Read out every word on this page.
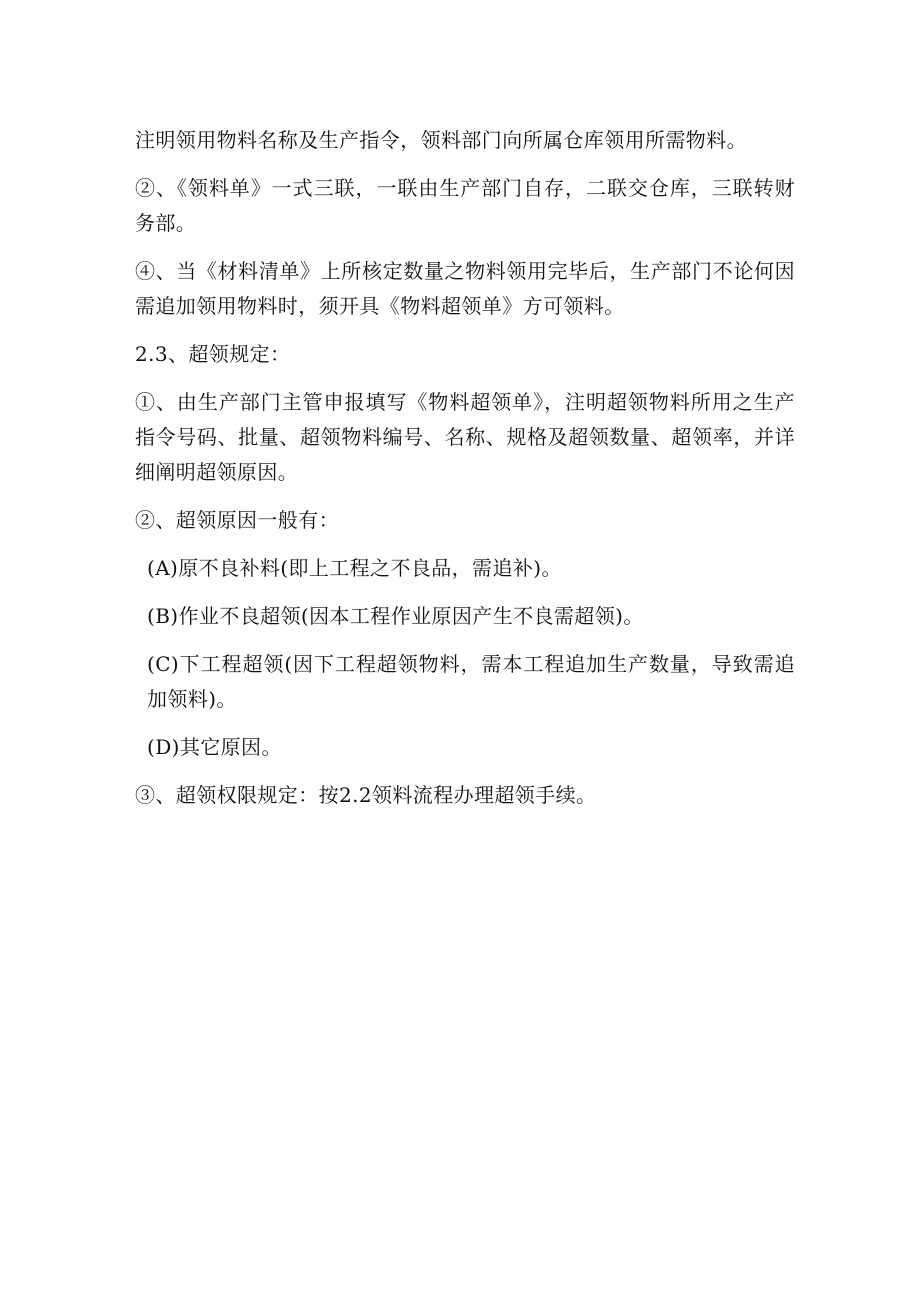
注明领用物料名称及生产指令，领料部门向所属仓库领用所需物料。

②、《领料单》一式三联，一联由生产部门自存，二联交仓库，三联转财务部。

④、当《材料清单》上所核定数量之物料领用完毕后，生产部门不论何因需追加领用物料时，须开具《物料超领单》方可领料。

2.3、超领规定：

①、由生产部门主管申报填写《物料超领单》，注明超领物料所用之生产指令号码、批量、超领物料编号、名称、规格及超领数量、超领率，并详细阐明超领原因。

②、超领原因一般有：

(A)原不良补料(即上工程之不良品，需追补)。

(B)作业不良超领(因本工程作业原因产生不良需超领)。

(C)下工程超领(因下工程超领物料，需本工程追加生产数量，导致需追加领料)。

(D)其它原因。

③、超领权限规定：按2.2领料流程办理超领手续。
